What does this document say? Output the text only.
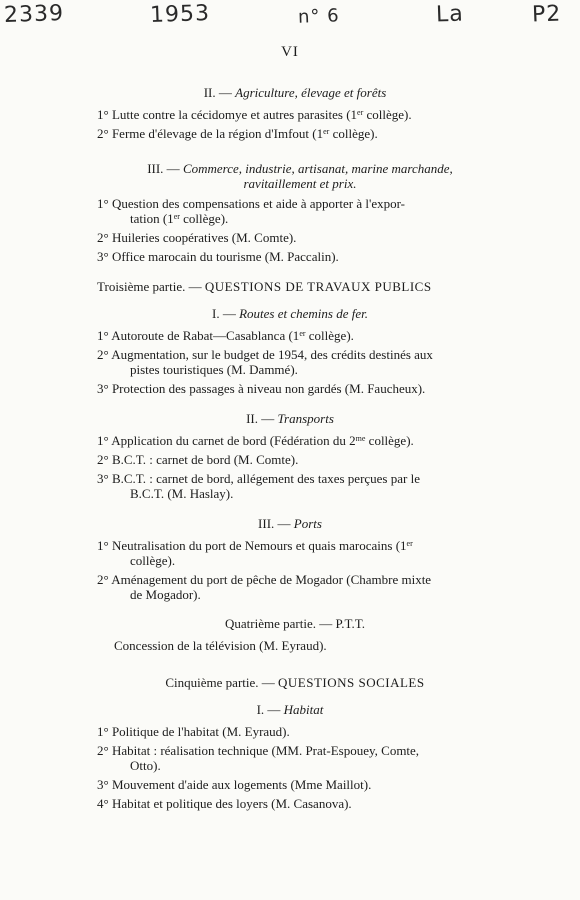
2339	1953	n° 6	La	P2
VI
II. — Agriculture, élevage et forêts
1° Lutte contre la cécidomye et autres parasites (1er collège).
2° Ferme d'élevage de la région d'Imfout (1er collège).
III. — Commerce, industrie, artisanat, marine marchande,
ravitaillement et prix.
1° Question des compensations et aide à apporter à l'expor-
tation (1er collège).
2° Huileries coopératives (M. Comte).
3° Office marocain du tourisme (M. Paccalin).
Troisième partie. — QUESTIONS DE TRAVAUX PUBLICS
I. — Routes et chemins de fer.
1° Autoroute de Rabat—Casablanca (1er collège).
2° Augmentation, sur le budget de 1954, des crédits destinés aux
pistes touristiques (M. Dammé).
3° Protection des passages à niveau non gardés (M. Faucheux).
II. — Transports
1° Application du carnet de bord (Fédération du $2^{me}$ collège).
2° B.C.T. : carnet de bord (M. Comte).
3° B.C.T. : carnet de bord, allégement des taxes perçues par le
B.C.T. (M. Haslay).
III. — Ports
1° Neutralisation du port de Nemours et quais marocains (1er
collège).
2° Aménagement du port de pêche de Mogador (Chambre mixte
de Mogador).
Quatrième partie. — P.T.T.
Concession de la télévision (M. Eyraud).
Cinquième partie. — QUESTIONS SOCIALES
I. — Habitat
1° Politique de l'habitat (M. Eyraud).
2° Habitat : réalisation technique (MM. Prat-Espouey, Comte,
Otto).
3° Mouvement d'aide aux logements (Mme Maillot).
4° Habitat et politique des loyers (M. Casanova).
